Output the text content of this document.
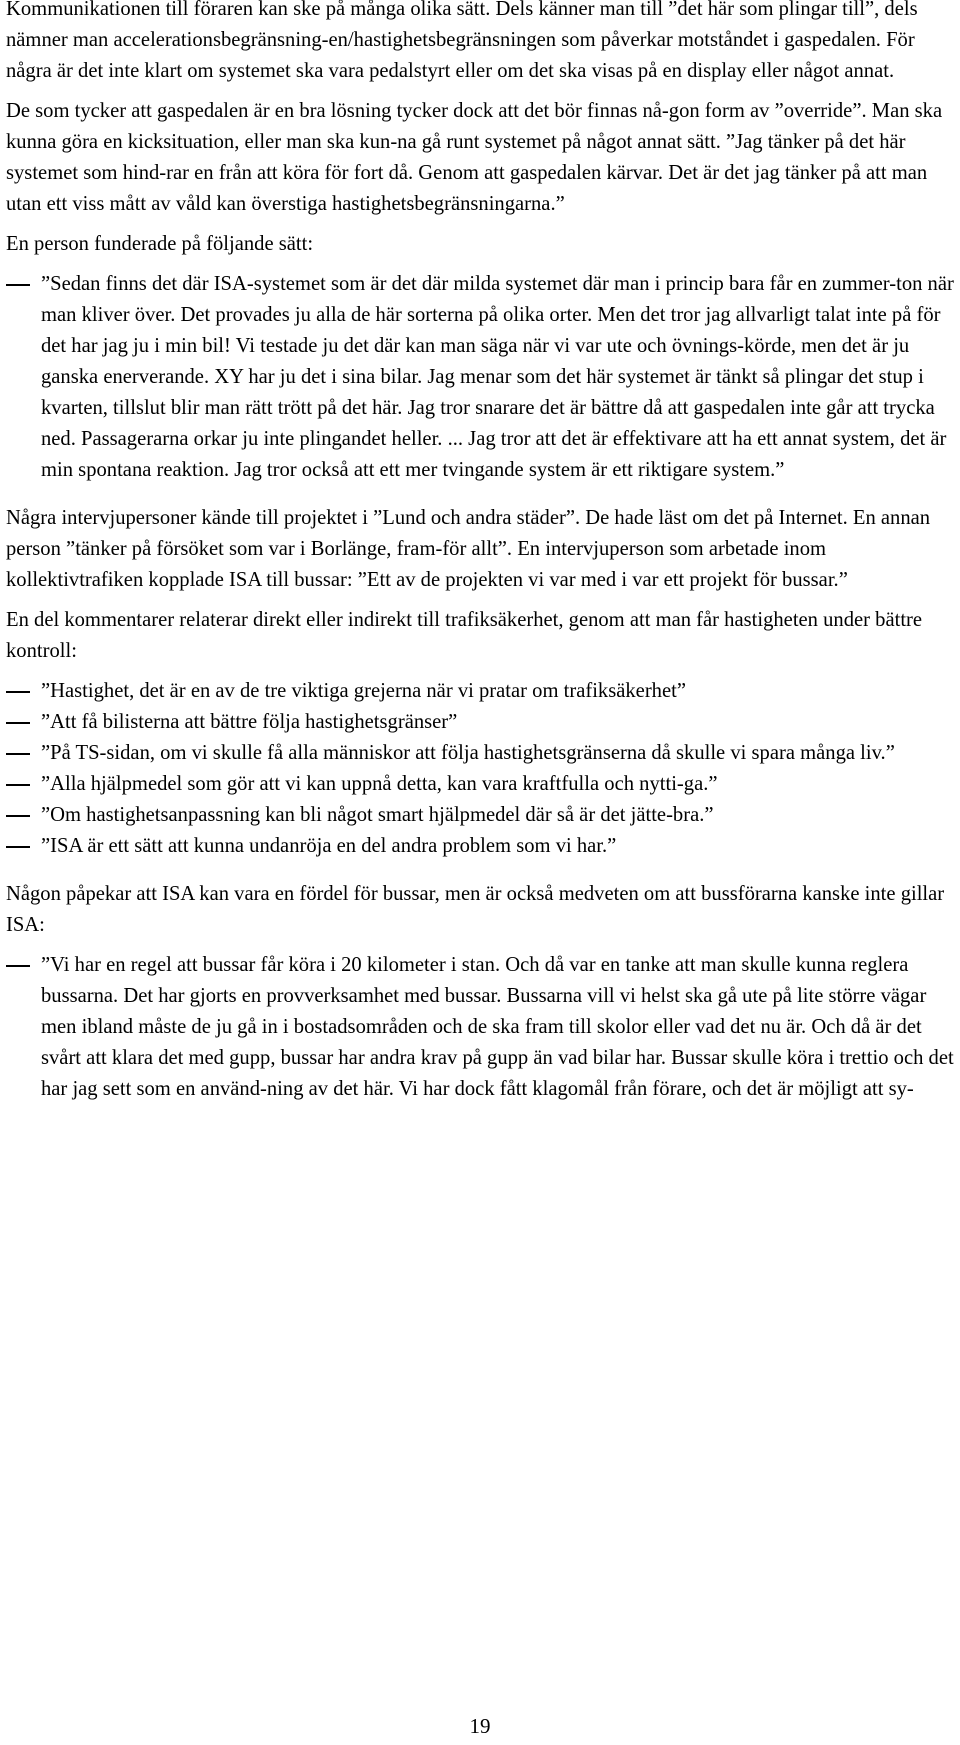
Kommunikationen till föraren kan ske på många olika sätt. Dels känner man till ”det här som plingar till”, dels nämner man accelerationsbegränsning-en/hastighetsbegränsningen som påverkar motståndet i gaspedalen. För några är det inte klart om systemet ska vara pedalstyrt eller om det ska visas på en display eller något annat.

De som tycker att gaspedalen är en bra lösning tycker dock att det bör finnas nå-gon form av ”override”. Man ska kunna göra en kicksituation, eller man ska kun-na gå runt systemet på något annat sätt. ”Jag tänker på det här systemet som hind-rar en från att köra för fort då. Genom att gaspedalen kärvar. Det är det jag tänker på att man utan ett viss mått av våld kan överstiga hastighetsbegränsningarna.”

En person funderade på följande sätt:

”Sedan finns det där ISA-systemet som är det där milda systemet där man i princip bara får en zummer-ton när man kliver över. Det provades ju alla de här sorterna på olika orter. Men det tror jag allvarligt talat inte på för det har jag ju i min bil! Vi testade ju det där kan man säga när vi var ute och övnings-körde, men det är ju ganska enerverande. XY har ju det i sina bilar. Jag menar som det här systemet är tänkt så plingar det stup i kvarten, tillslut blir man rätt trött på det här. Jag tror snarare det är bättre då att gaspedalen inte går att trycka ned. Passagerarna orkar ju inte plingandet heller. ... Jag tror att det är effektivare att ha ett annat system, det är min spontana reaktion. Jag tror också att ett mer tvingande system är ett riktigare system.”

Några intervjupersoner kände till projektet i ”Lund och andra städer”. De hade läst om det på Internet. En annan person ”tänker på försöket som var i Borlänge, fram-för allt”. En intervjuperson som arbetade inom kollektivtrafiken kopplade ISA till bussar: ”Ett av de projekten vi var med i var ett projekt för bussar.”

En del kommentarer relaterar direkt eller indirekt till trafiksäkerhet, genom att man får hastigheten under bättre kontroll:

”Hastighet, det är en av de tre viktiga grejerna när vi pratar om trafiksäkerhet”
”Att få bilisterna att bättre följa hastighetsgränser”
”På TS-sidan, om vi skulle få alla människor att följa hastighetsgränserna då skulle vi spara många liv.”
”Alla hjälpmedel som gör att vi kan uppnå detta, kan vara kraftfulla och nytti-ga.”
”Om hastighetsanpassning kan bli något smart hjälpmedel där så är det jätte-bra.”
”ISA är ett sätt att kunna undanröja en del andra problem som vi har.”

Någon påpekar att ISA kan vara en fördel för bussar, men är också medveten om att bussförarna kanske inte gillar ISA:

”Vi har en regel att bussar får köra i 20 kilometer i stan. Och då var en tanke att man skulle kunna reglera bussarna. Det har gjorts en provverksamhet med bussar. Bussarna vill vi helst ska gå ute på lite större vägar men ibland måste de ju gå in i bostadsområden och de ska fram till skolor eller vad det nu är. Och då är det svårt att klara det med gupp, bussar har andra krav på gupp än vad bilar har. Bussar skulle köra i trettio och det har jag sett som en använd-ning av det här. Vi har dock fått klagomål från förare, och det är möjligt att sy-
19
